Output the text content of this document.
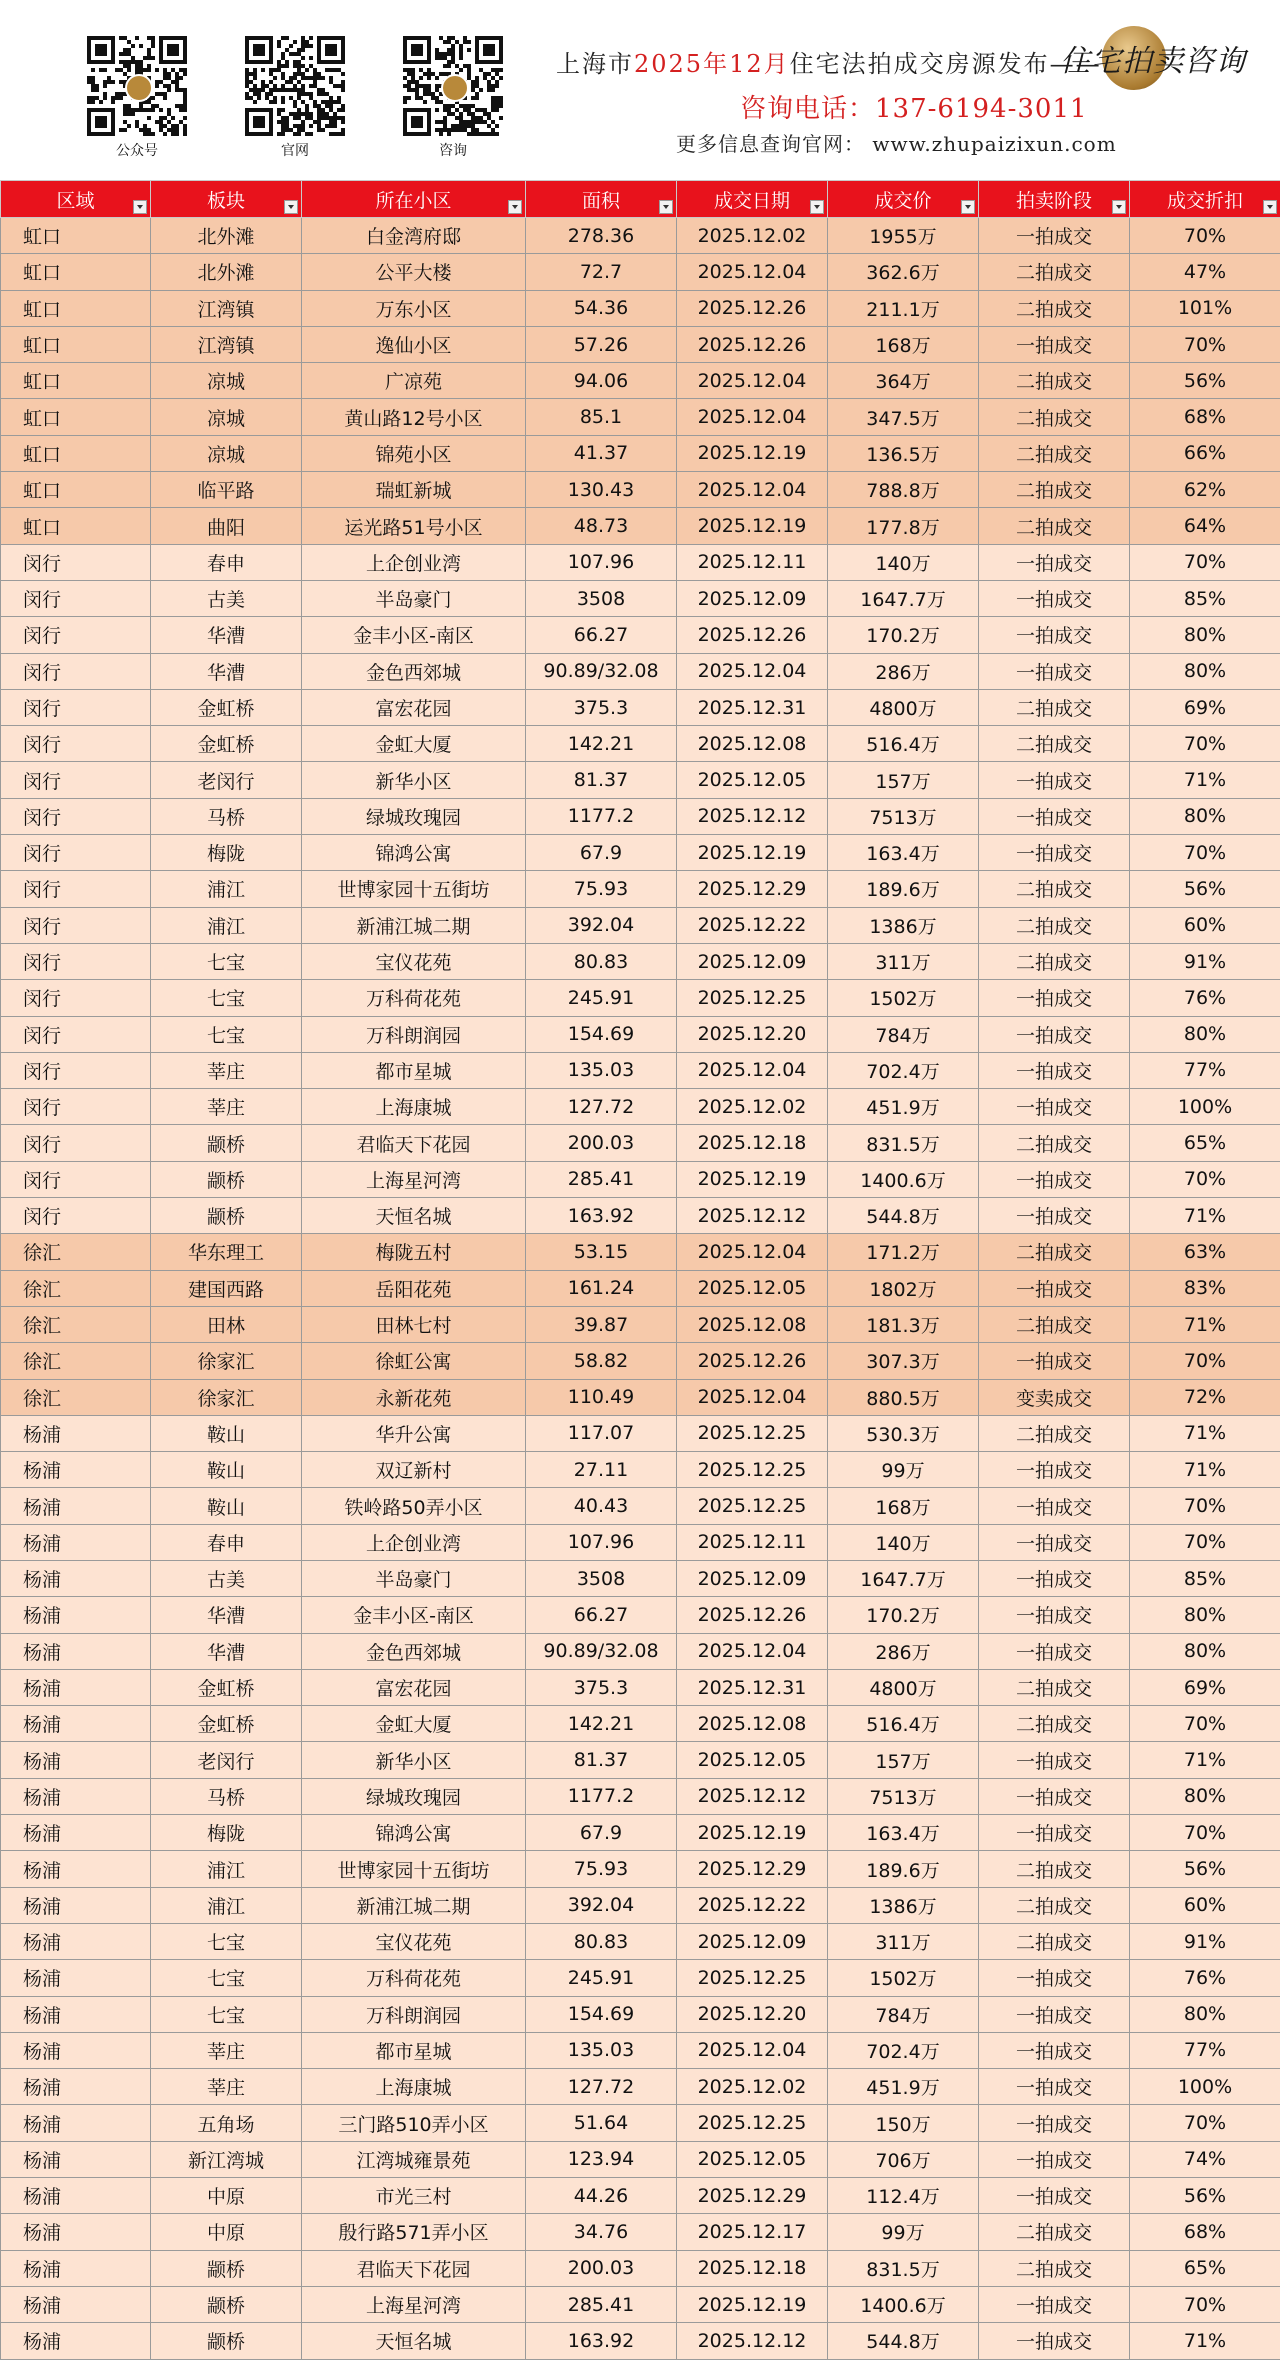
公众号	官网	咨询
上海市2025年12月住宅法拍成交房源发布——
住宅拍卖咨询
咨询电话：137-6194-3011
更多信息查询官网： www.zhupaizixun.com
区域	板块	所在小区	面积	成交日期	成交价	拍卖阶段	成交折扣

虹口	北外滩	白金湾府邸	278.36	2025.12.02	1955万	一拍成交	70%
虹口	北外滩	公平大楼	72.7	2025.12.04	362.6万	二拍成交	47%
虹口	江湾镇	万东小区	54.36	2025.12.26	211.1万	二拍成交	101%
虹口	江湾镇	逸仙小区	57.26	2025.12.26	168万	一拍成交	70%
虹口	凉城	广凉苑	94.06	2025.12.04	364万	二拍成交	56%
虹口	凉城	黄山路12号小区	85.1	2025.12.04	347.5万	二拍成交	68%
虹口	凉城	锦苑小区	41.37	2025.12.19	136.5万	二拍成交	66%
虹口	临平路	瑞虹新城	130.43	2025.12.04	788.8万	二拍成交	62%
虹口	曲阳	运光路51号小区	48.73	2025.12.19	177.8万	二拍成交	64%
闵行	春申	上企创业湾	107.96	2025.12.11	140万	一拍成交	70%
闵行	古美	半岛豪门	3508	2025.12.09	1647.7万	一拍成交	85%
闵行	华漕	金丰小区-南区	66.27	2025.12.26	170.2万	一拍成交	80%
闵行	华漕	金色西郊城	90.89/32.08	2025.12.04	286万	一拍成交	80%
闵行	金虹桥	富宏花园	375.3	2025.12.31	4800万	二拍成交	69%
闵行	金虹桥	金虹大厦	142.21	2025.12.08	516.4万	二拍成交	70%
闵行	老闵行	新华小区	81.37	2025.12.05	157万	一拍成交	71%
闵行	马桥	绿城玫瑰园	1177.2	2025.12.12	7513万	一拍成交	80%
闵行	梅陇	锦鸿公寓	67.9	2025.12.19	163.4万	一拍成交	70%
闵行	浦江	世博家园十五街坊	75.93	2025.12.29	189.6万	二拍成交	56%
闵行	浦江	新浦江城二期	392.04	2025.12.22	1386万	二拍成交	60%
闵行	七宝	宝仪花苑	80.83	2025.12.09	311万	二拍成交	91%
闵行	七宝	万科荷花苑	245.91	2025.12.25	1502万	一拍成交	76%
闵行	七宝	万科朗润园	154.69	2025.12.20	784万	一拍成交	80%
闵行	莘庄	都市星城	135.03	2025.12.04	702.4万	一拍成交	77%
闵行	莘庄	上海康城	127.72	2025.12.02	451.9万	一拍成交	100%
闵行	颛桥	君临天下花园	200.03	2025.12.18	831.5万	二拍成交	65%
闵行	颛桥	上海星河湾	285.41	2025.12.19	1400.6万	一拍成交	70%
闵行	颛桥	天恒名城	163.92	2025.12.12	544.8万	一拍成交	71%
徐汇	华东理工	梅陇五村	53.15	2025.12.04	171.2万	二拍成交	63%
徐汇	建国西路	岳阳花苑	161.24	2025.12.05	1802万	一拍成交	83%
徐汇	田林	田林七村	39.87	2025.12.08	181.3万	二拍成交	71%
徐汇	徐家汇	徐虹公寓	58.82	2025.12.26	307.3万	一拍成交	70%
徐汇	徐家汇	永新花苑	110.49	2025.12.04	880.5万	变卖成交	72%
杨浦	鞍山	华升公寓	117.07	2025.12.25	530.3万	二拍成交	71%
杨浦	鞍山	双辽新村	27.11	2025.12.25	99万	一拍成交	71%
杨浦	鞍山	铁岭路50弄小区	40.43	2025.12.25	168万	一拍成交	70%
杨浦	春申	上企创业湾	107.96	2025.12.11	140万	一拍成交	70%
杨浦	古美	半岛豪门	3508	2025.12.09	1647.7万	一拍成交	85%
杨浦	华漕	金丰小区-南区	66.27	2025.12.26	170.2万	一拍成交	80%
杨浦	华漕	金色西郊城	90.89/32.08	2025.12.04	286万	一拍成交	80%
杨浦	金虹桥	富宏花园	375.3	2025.12.31	4800万	二拍成交	69%
杨浦	金虹桥	金虹大厦	142.21	2025.12.08	516.4万	二拍成交	70%
杨浦	老闵行	新华小区	81.37	2025.12.05	157万	一拍成交	71%
杨浦	马桥	绿城玫瑰园	1177.2	2025.12.12	7513万	一拍成交	80%
杨浦	梅陇	锦鸿公寓	67.9	2025.12.19	163.4万	一拍成交	70%
杨浦	浦江	世博家园十五街坊	75.93	2025.12.29	189.6万	二拍成交	56%
杨浦	浦江	新浦江城二期	392.04	2025.12.22	1386万	二拍成交	60%
杨浦	七宝	宝仪花苑	80.83	2025.12.09	311万	二拍成交	91%
杨浦	七宝	万科荷花苑	245.91	2025.12.25	1502万	一拍成交	76%
杨浦	七宝	万科朗润园	154.69	2025.12.20	784万	一拍成交	80%
杨浦	莘庄	都市星城	135.03	2025.12.04	702.4万	一拍成交	77%
杨浦	莘庄	上海康城	127.72	2025.12.02	451.9万	一拍成交	100%
杨浦	五角场	三门路510弄小区	51.64	2025.12.25	150万	一拍成交	70%
杨浦	新江湾城	江湾城雍景苑	123.94	2025.12.05	706万	一拍成交	74%
杨浦	中原	市光三村	44.26	2025.12.29	112.4万	一拍成交	56%
杨浦	中原	殷行路571弄小区	34.76	2025.12.17	99万	二拍成交	68%
杨浦	颛桥	君临天下花园	200.03	2025.12.18	831.5万	二拍成交	65%
杨浦	颛桥	上海星河湾	285.41	2025.12.19	1400.6万	一拍成交	70%
杨浦	颛桥	天恒名城	163.92	2025.12.12	544.8万	一拍成交	71%
